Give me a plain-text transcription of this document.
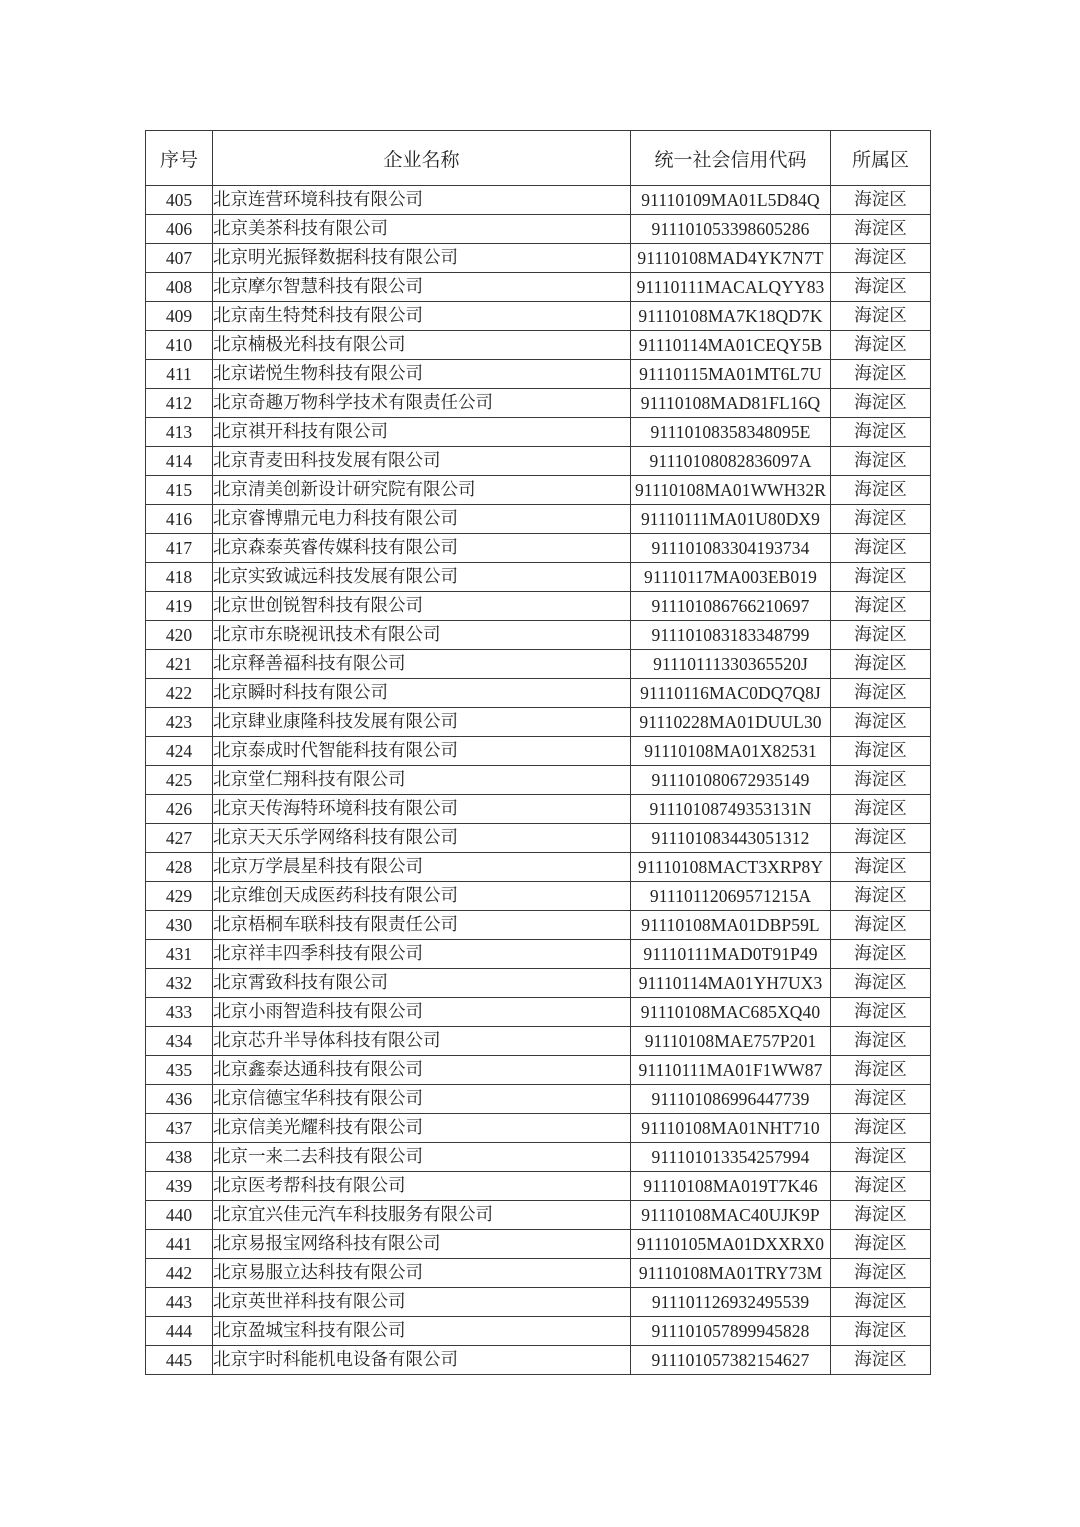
序号	企业名称	统一社会信用代码	所属区
405	北京连营环境科技有限公司	91110109MA01L5D84Q	海淀区
406	北京美茶科技有限公司	911101053398605286	海淀区
407	北京明光振铎数据科技有限公司	91110108MAD4YK7N7T	海淀区
408	北京摩尔智慧科技有限公司	91110111MACALQYY83	海淀区
409	北京南生特梵科技有限公司	91110108MA7K18QD7K	海淀区
410	北京楠极光科技有限公司	91110114MA01CEQY5B	海淀区
411	北京诺悦生物科技有限公司	91110115MA01MT6L7U	海淀区
412	北京奇趣万物科学技术有限责任公司	91110108MAD81FL16Q	海淀区
413	北京祺开科技有限公司	91110108358348095E	海淀区
414	北京青麦田科技发展有限公司	91110108082836097A	海淀区
415	北京清美创新设计研究院有限公司	91110108MA01WWH32R	海淀区
416	北京睿博鼎元电力科技有限公司	91110111MA01U80DX9	海淀区
417	北京森泰英睿传媒科技有限公司	911101083304193734	海淀区
418	北京实致诚远科技发展有限公司	91110117MA003EB019	海淀区
419	北京世创锐智科技有限公司	911101086766210697	海淀区
420	北京市东晓视讯技术有限公司	911101083183348799	海淀区
421	北京释善福科技有限公司	91110111330365520J	海淀区
422	北京瞬时科技有限公司	91110116MAC0DQ7Q8J	海淀区
423	北京肆业康隆科技发展有限公司	91110228MA01DUUL30	海淀区
424	北京泰成时代智能科技有限公司	91110108MA01X82531	海淀区
425	北京堂仁翔科技有限公司	911101080672935149	海淀区
426	北京天传海特环境科技有限公司	91110108749353131N	海淀区
427	北京天天乐学网络科技有限公司	911101083443051312	海淀区
428	北京万学晨星科技有限公司	91110108MACT3XRP8Y	海淀区
429	北京维创天成医药科技有限公司	91110112069571215A	海淀区
430	北京梧桐车联科技有限责任公司	91110108MA01DBP59L	海淀区
431	北京祥丰四季科技有限公司	91110111MAD0T91P49	海淀区
432	北京霄致科技有限公司	91110114MA01YH7UX3	海淀区
433	北京小雨智造科技有限公司	91110108MAC685XQ40	海淀区
434	北京芯升半导体科技有限公司	91110108MAE757P201	海淀区
435	北京鑫泰达通科技有限公司	91110111MA01F1WW87	海淀区
436	北京信德宝华科技有限公司	911101086996447739	海淀区
437	北京信美光耀科技有限公司	91110108MA01NHT710	海淀区
438	北京一来二去科技有限公司	911101013354257994	海淀区
439	北京医考帮科技有限公司	91110108MA019T7K46	海淀区
440	北京宜兴佳元汽车科技服务有限公司	91110108MAC40UJK9P	海淀区
441	北京易报宝网络科技有限公司	91110105MA01DXXRX0	海淀区
442	北京易服立达科技有限公司	91110108MA01TRY73M	海淀区
443	北京英世祥科技有限公司	911101126932495539	海淀区
444	北京盈城宝科技有限公司	911101057899945828	海淀区
445	北京宇时科能机电设备有限公司	911101057382154627	海淀区
